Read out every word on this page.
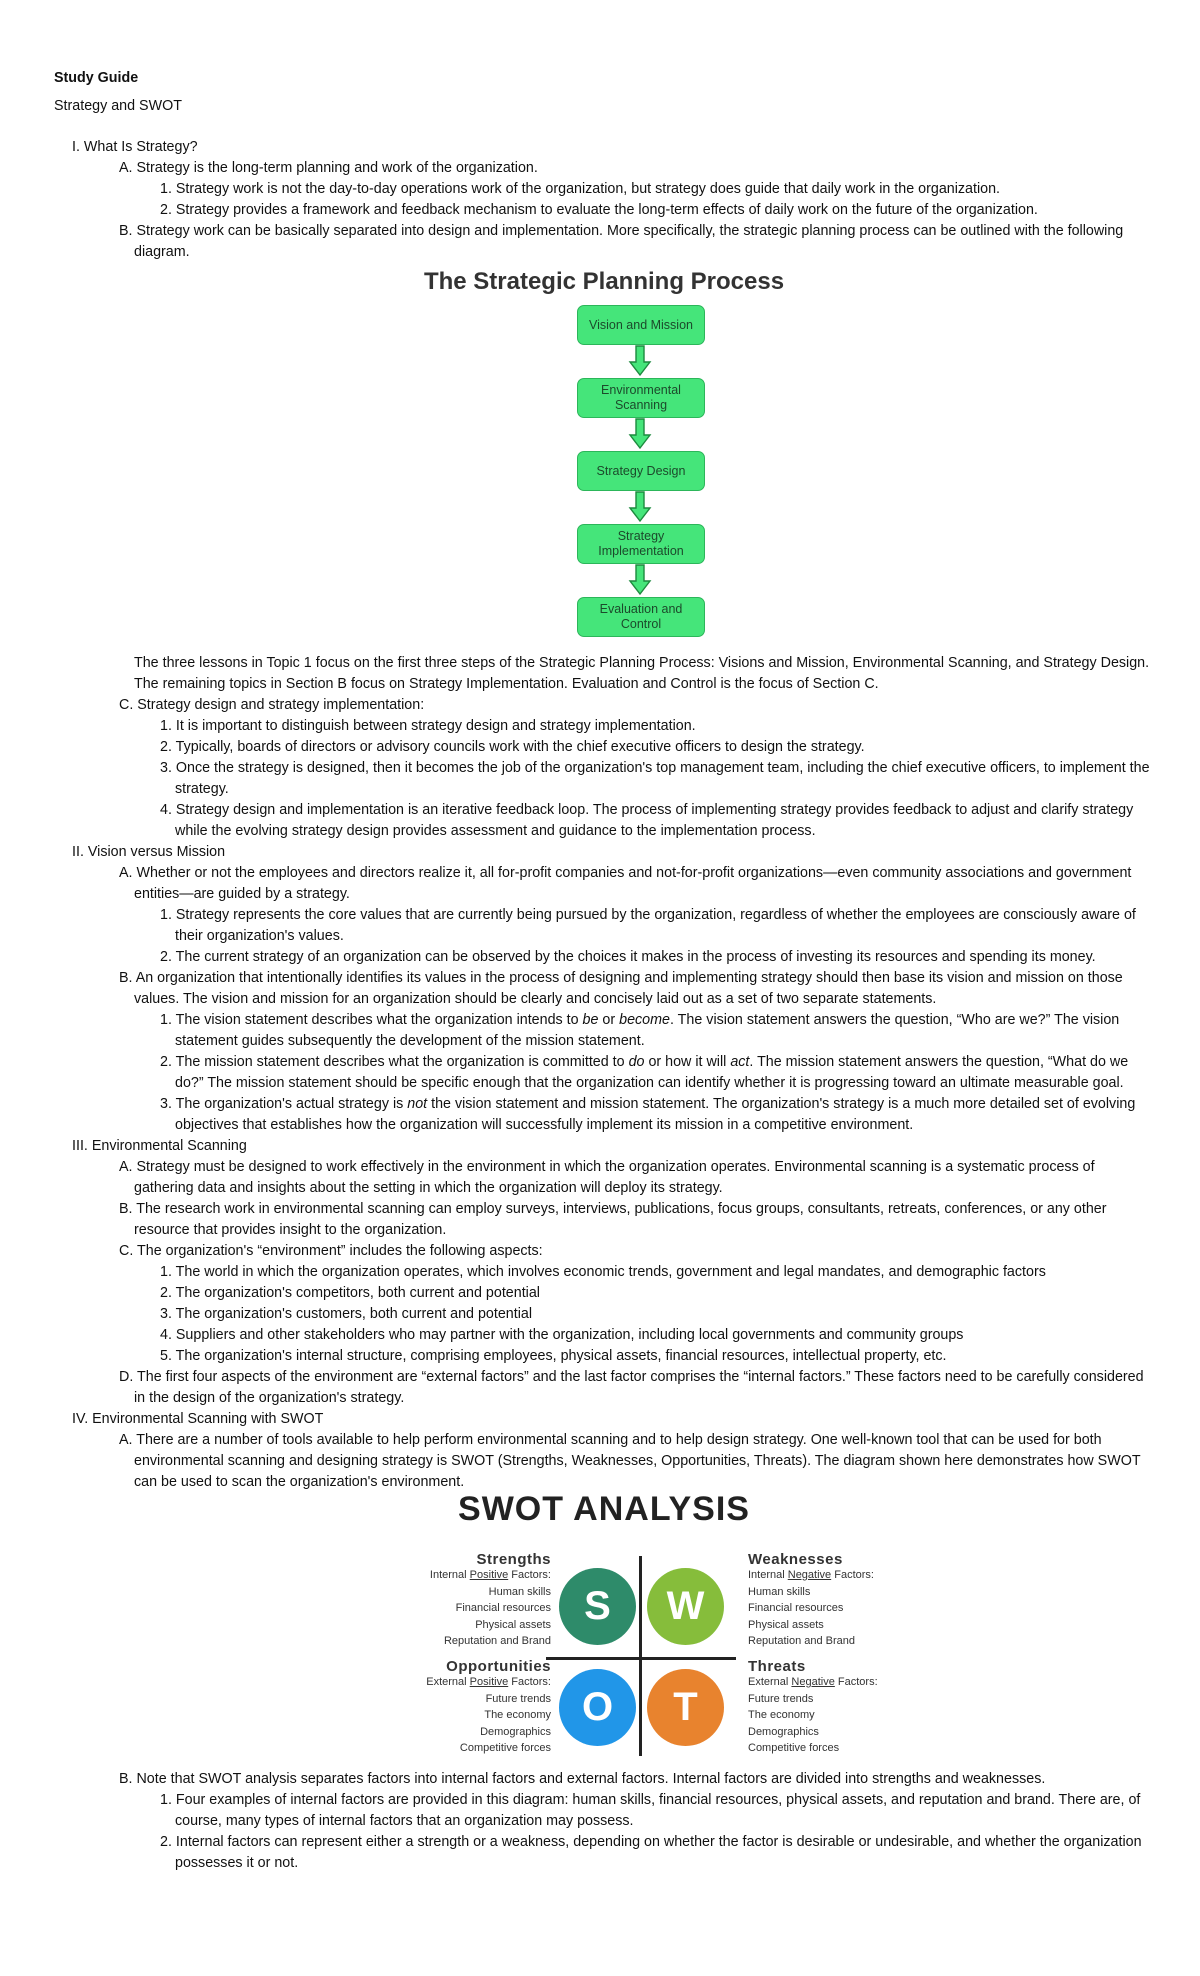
Study Guide

Strategy and SWOT

I. What Is Strategy?

A. Strategy is the long-term planning and work of the organization.

1. Strategy work is not the day-to-day operations work of the organization, but strategy does guide that daily work in the organization.

2. Strategy provides a framework and feedback mechanism to evaluate the long-term effects of daily work on the future of the organization.

B. Strategy work can be basically separated into design and implementation. More specifically, the strategic planning process can be outlined with the following diagram.

The Strategic Planning Process
Vision and Mission
Environmental Scanning
Strategy Design
Strategy Implementation
Evaluation and Control

The three lessons in Topic 1 focus on the first three steps of the Strategic Planning Process: Visions and Mission, Environmental Scanning, and Strategy Design. The remaining topics in Section B focus on Strategy Implementation. Evaluation and Control is the focus of Section C.

C. Strategy design and strategy implementation:

1. It is important to distinguish between strategy design and strategy implementation.

2. Typically, boards of directors or advisory councils work with the chief executive officers to design the strategy.

3. Once the strategy is designed, then it becomes the job of the organization's top management team, including the chief executive officers, to implement the strategy.

4. Strategy design and implementation is an iterative feedback loop. The process of implementing strategy provides feedback to adjust and clarify strategy while the evolving strategy design provides assessment and guidance to the implementation process.

II. Vision versus Mission

A. Whether or not the employees and directors realize it, all for-profit companies and not-for-profit organizations—even community associations and government entities—are guided by a strategy.

1. Strategy represents the core values that are currently being pursued by the organization, regardless of whether the employees are consciously aware of their organization's values.

2. The current strategy of an organization can be observed by the choices it makes in the process of investing its resources and spending its money.

B. An organization that intentionally identifies its values in the process of designing and implementing strategy should then base its vision and mission on those values. The vision and mission for an organization should be clearly and concisely laid out as a set of two separate statements.

1. The vision statement describes what the organization intends to be or become. The vision statement answers the question, “Who are we?” The vision statement guides subsequently the development of the mission statement.

2. The mission statement describes what the organization is committed to do or how it will act. The mission statement answers the question, “What do we do?” The mission statement should be specific enough that the organization can identify whether it is progressing toward an ultimate measurable goal.

3. The organization's actual strategy is not the vision statement and mission statement. The organization's strategy is a much more detailed set of evolving objectives that establishes how the organization will successfully implement its mission in a competitive environment.

III. Environmental Scanning

A. Strategy must be designed to work effectively in the environment in which the organization operates. Environmental scanning is a systematic process of gathering data and insights about the setting in which the organization will deploy its strategy.

B. The research work in environmental scanning can employ surveys, interviews, publications, focus groups, consultants, retreats, conferences, or any other resource that provides insight to the organization.

C. The organization's “environment” includes the following aspects:

1. The world in which the organization operates, which involves economic trends, government and legal mandates, and demographic factors

2. The organization's competitors, both current and potential

3. The organization's customers, both current and potential

4. Suppliers and other stakeholders who may partner with the organization, including local governments and community groups

5. The organization's internal structure, comprising employees, physical assets, financial resources, intellectual property, etc.

D. The first four aspects of the environment are “external factors” and the last factor comprises the “internal factors.” These factors need to be carefully considered in the design of the organization's strategy.

IV. Environmental Scanning with SWOT

A. There are a number of tools available to help perform environmental scanning and to help design strategy. One well-known tool that can be used for both environmental scanning and designing strategy is SWOT (Strengths, Weaknesses, Opportunities, Threats). The diagram shown here demonstrates how SWOT can be used to scan the organization's environment.

SWOT ANALYSIS
Strengths
Internal Positive Factors:
Human skills
Financial resources
Physical assets
Reputation and Brand
S
Weaknesses
Internal Negative Factors:
Human skills
Financial resources
Physical assets
Reputation and Brand
W
Opportunities
External Positive Factors:
Future trends
The economy
Demographics
Competitive forces
O
Threats
External Negative Factors:
Future trends
The economy
Demographics
Competitive forces
T

B. Note that SWOT analysis separates factors into internal factors and external factors. Internal factors are divided into strengths and weaknesses.

1. Four examples of internal factors are provided in this diagram: human skills, financial resources, physical assets, and reputation and brand. There are, of course, many types of internal factors that an organization may possess.

2. Internal factors can represent either a strength or a weakness, depending on whether the factor is desirable or undesirable, and whether the organization possesses it or not.
